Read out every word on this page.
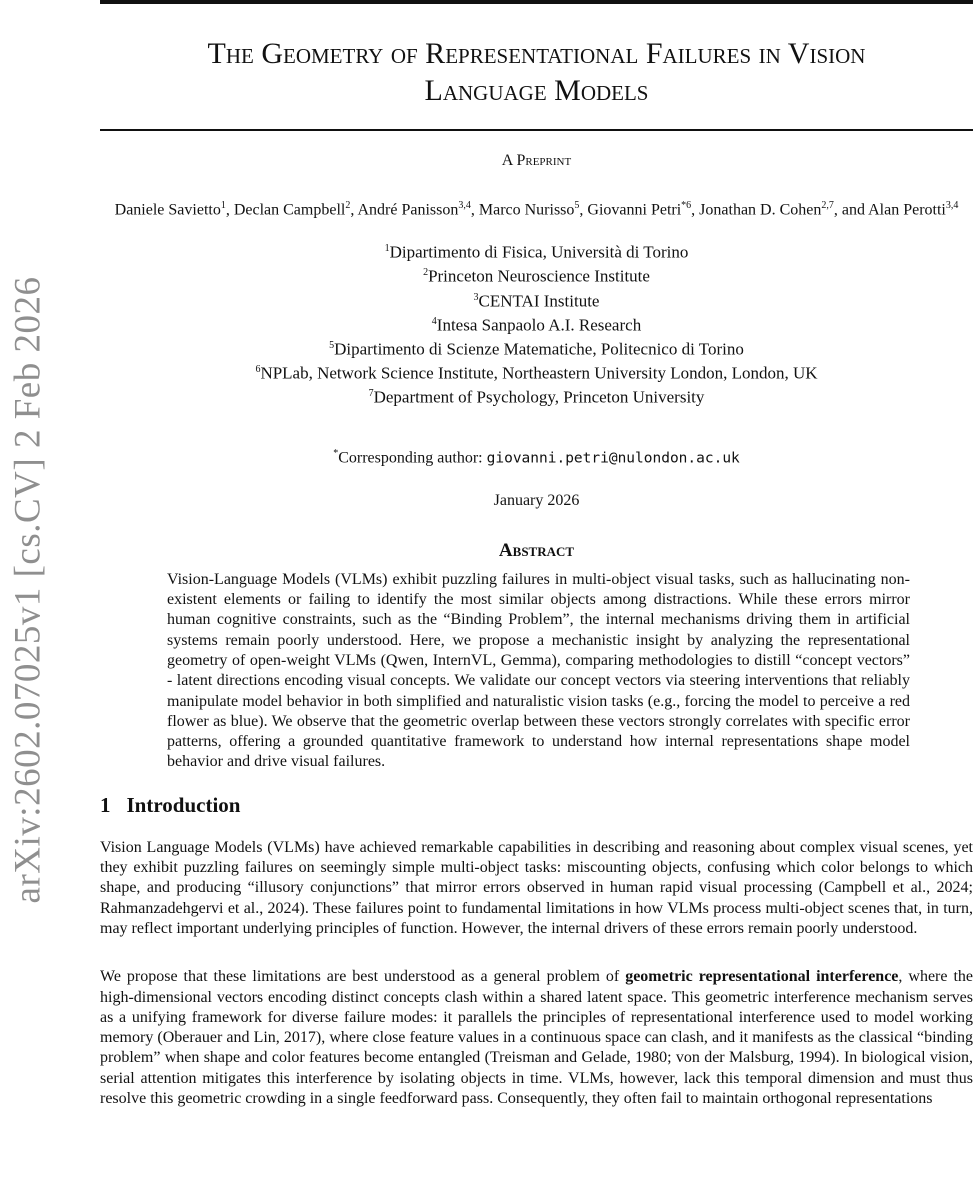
arXiv:2602.07025v1 [cs.CV] 2 Feb 2026
The Geometry of Representational Failures in Vision
Language Models
A Preprint
Daniele Savietto$^1$, Declan Campbell$^2$, André Panisson$^{3,4}$, Marco Nurisso$^5$, Giovanni Petri$^{*6}$, Jonathan D. Cohen$^{2,7}$, and Alan Perotti$^{3,4}$
$^1$Dipartimento di Fisica, Università di Torino
$^2$Princeton Neuroscience Institute
$^3$CENTAI Institute
$^4$Intesa Sanpaolo A.I. Research
$^5$Dipartimento di Scienze Matematiche, Politecnico di Torino
$^6$NPLab, Network Science Institute, Northeastern University London, London, UK
$^7$Department of Psychology, Princeton University
*Corresponding author: giovanni.petri@nulondon.ac.uk
January 2026
Abstract

Vision-Language Models (VLMs) exhibit puzzling failures in multi-object visual tasks, such as hallucinating non-existent elements or failing to identify the most similar objects among distractions. While these errors mirror human cognitive constraints, such as the “Binding Problem”, the internal mechanisms driving them in artificial systems remain poorly understood. Here, we propose a mechanistic insight by analyzing the representational geometry of open-weight VLMs (Qwen, InternVL, Gemma), comparing methodologies to distill “concept vectors” - latent directions encoding visual concepts. We validate our concept vectors via steering interventions that reliably manipulate model behavior in both simplified and naturalistic vision tasks (e.g., forcing the model to perceive a red flower as blue). We observe that the geometric overlap between these vectors strongly correlates with specific error patterns, offering a grounded quantitative framework to understand how internal representations shape model behavior and drive visual failures.

1 Introduction

Vision Language Models (VLMs) have achieved remarkable capabilities in describing and reasoning about complex visual scenes, yet they exhibit puzzling failures on seemingly simple multi-object tasks: miscounting objects, confusing which color belongs to which shape, and producing “illusory conjunctions” that mirror errors observed in human rapid visual processing (Campbell et al., 2024; Rahmanzadehgervi et al., 2024). These failures point to fundamental limitations in how VLMs process multi-object scenes that, in turn, may reflect important underlying principles of function. However, the internal drivers of these errors remain poorly understood.

We propose that these limitations are best understood as a general problem of geometric representational interference, where the high-dimensional vectors encoding distinct concepts clash within a shared latent space. This geometric interference mechanism serves as a unifying framework for diverse failure modes: it parallels the principles of representational interference used to model working memory (Oberauer and Lin, 2017), where close feature values in a continuous space can clash, and it manifests as the classical “binding problem” when shape and color features become entangled (Treisman and Gelade, 1980; von der Malsburg, 1994). In biological vision, serial attention mitigates this interference by isolating objects in time. VLMs, however, lack this temporal dimension and must thus resolve this geometric crowding in a single feedforward pass. Consequently, they often fail to maintain orthogonal representations
